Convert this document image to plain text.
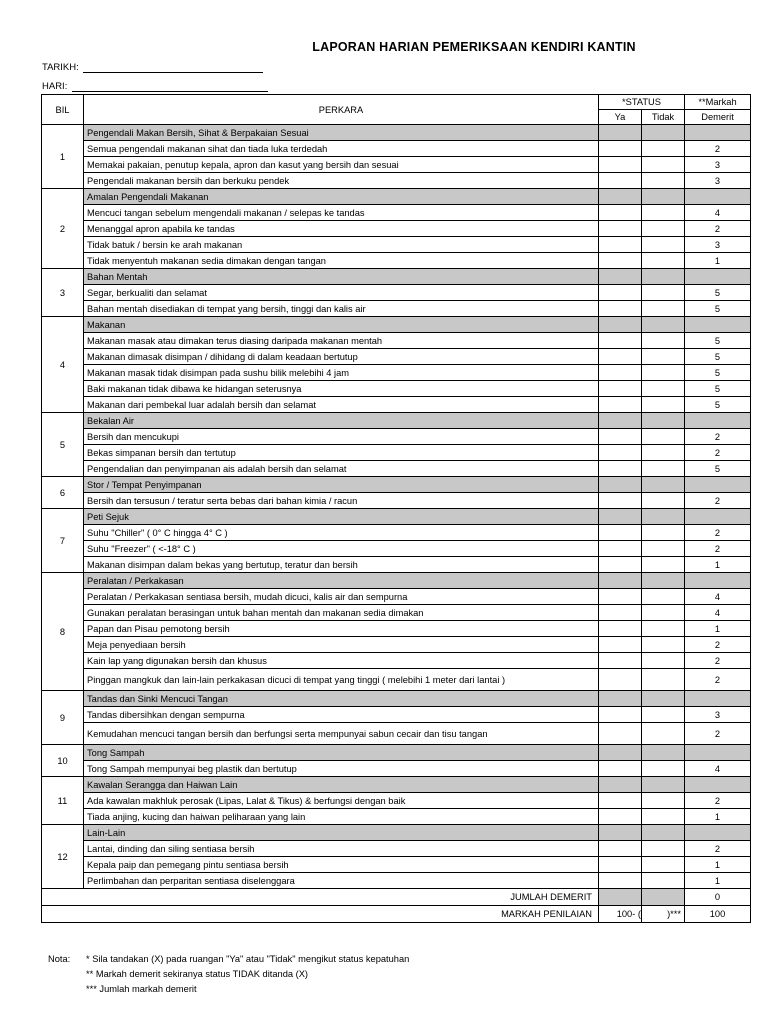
LAPORAN HARIAN PEMERIKSAAN KENDIRI KANTIN
TARIKH:
HARI:
BIL	PERKARA	*STATUS		**Markah
		Ya	Tidak	Demerit
1	Pengendali Makan Bersih, Sihat & Berpakaian Sesuai			
	Semua pengendali makanan sihat dan tiada luka terdedah			2
	Memakai pakaian, penutup kepala, apron dan kasut yang bersih dan sesuai			3
	Pengendali makanan bersih dan berkuku pendek			3
2	Amalan Pengendali Makanan			
	Mencuci tangan sebelum mengendali makanan / selepas ke tandas			4
	Menanggal apron apabila ke tandas			2
	Tidak batuk / bersin ke arah makanan			3
	Tidak menyentuh makanan sedia dimakan dengan tangan			1
3	Bahan Mentah			
	Segar, berkualiti dan selamat			5
	Bahan mentah disediakan di tempat yang bersih, tinggi dan kalis air			5
4	Makanan			
	Makanan masak atau dimakan terus diasing daripada makanan mentah			5
	Makanan dimasak disimpan / dihidang di dalam keadaan bertutup			5
	Makanan masak tidak disimpan pada sushu bilik melebihi 4 jam			5
	Baki makanan tidak dibawa ke hidangan seterusnya			5
	Makanan dari pembekal luar adalah bersih dan selamat			5
5	Bekalan Air			
	Bersih dan mencukupi			2
	Bekas simpanan bersih dan tertutup			2
	Pengendalian dan penyimpanan ais adalah bersih dan selamat			5
6	Stor / Tempat Penyimpanan			
	Bersih dan tersusun / teratur serta bebas dari bahan kimia / racun			2
7	Peti Sejuk			
	Suhu "Chiller" ( 0° C hingga 4° C )			2
	Suhu "Freezer" ( <-18° C )			2
	Makanan disimpan dalam bekas yang bertutup, teratur dan bersih			1
8	Peralatan / Perkakasan			
	Peralatan / Perkakasan sentiasa bersih, mudah dicuci, kalis air dan sempurna			4
	Gunakan peralatan berasingan untuk bahan mentah dan makanan sedia dimakan			4
	Papan dan Pisau pemotong bersih			1
	Meja penyediaan bersih			2
	Kain lap yang digunakan bersih dan khusus			2
	Pinggan mangkuk dan lain-lain perkakasan dicuci di tempat yang tinggi ( melebihi 1 meter dari lantai )			2
9	Tandas dan Sinki Mencuci Tangan			
	Tandas dibersihkan dengan sempurna			3
	Kemudahan mencuci tangan bersih dan berfungsi serta mempunyai sabun cecair dan tisu tangan			2
10	Tong Sampah			
	Tong Sampah mempunyai beg plastik dan bertutup			4
11	Kawalan Serangga dan Haiwan Lain			
	Ada kawalan makhluk perosak (Lipas, Lalat & Tikus) & berfungsi dengan baik			2
	Tiada anjing, kucing dan haiwan peliharaan yang lain			1
12	Lain-Lain			
	Lantai, dinding dan siling sentiasa bersih			2
	Kepala paip dan pemegang pintu sentiasa bersih			1
	Perlimbahan dan perparitan sentiasa diselenggara			1
JUMLAH DEMERIT				0
MARKAH PENILAIAN		100- (	)***	100
Nota: * Sila tandakan (X) pada ruangan "Ya" atau "Tidak" mengikut status kepatuhan
** Markah demerit sekiranya status TIDAK ditanda (X)
*** Jumlah markah demerit
